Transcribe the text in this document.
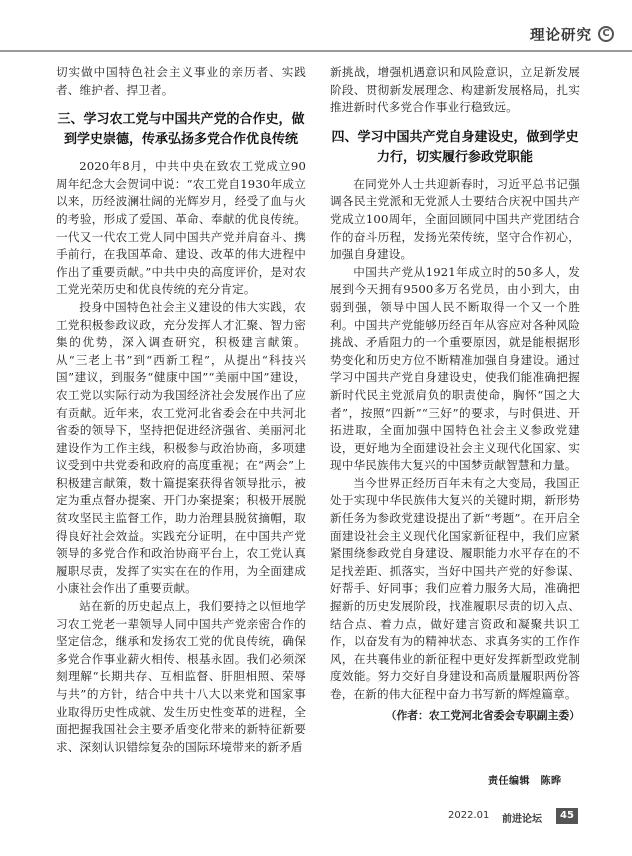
理论研究	C

切实做中国特色社会主义事业的亲历者、实践者、维护者、捍卫者。

三、学习农工党与中国共产党的合作史，做到学史崇德，传承弘扬多党合作优良传统

2020年8月，中共中央在致农工党成立90周年纪念大会贺词中说：“农工党自1930年成立以来，历经波澜壮阔的光辉岁月，经受了血与火的考验，形成了爱国、革命、奉献的优良传统。一代又一代农工党人同中国共产党并肩奋斗、携手前行，在我国革命、建设、改革的伟大进程中作出了重要贡献。”中共中央的高度评价，是对农工党光荣历史和优良传统的充分肯定。

投身中国特色社会主义建设的伟大实践，农工党积极参政议政，充分发挥人才汇聚、智力密集的优势，深入调查研究，积极建言献策。从“三老上书”到“西新工程”，从提出“科技兴国”建议，到服务“健康中国”“美丽中国”建设，农工党以实际行动为我国经济社会发展作出了应有贡献。近年来，农工党河北省委会在中共河北省委的领导下，坚持把促进经济强省、美丽河北建设作为工作主线，积极参与政治协商，多项建议受到中共党委和政府的高度重视；在“两会”上积极建言献策，数十篇提案获得省领导批示，被定为重点督办提案、开门办案提案；积极开展脱贫攻坚民主监督工作，助力治理县脱贫摘帽，取得良好社会效益。实践充分证明，在中国共产党领导的多党合作和政治协商平台上，农工党认真履职尽责，发挥了实实在在的作用，为全面建成小康社会作出了重要贡献。

站在新的历史起点上，我们要持之以恒地学习农工党老一辈领导人同中国共产党亲密合作的坚定信念，继承和发扬农工党的优良传统，确保多党合作事业薪火相传、根基永固。我们必须深刻理解“长期共存、互相监督、肝胆相照、荣辱与共”的方针，结合中共十八大以来党和国家事业取得历史性成就、发生历史性变革的进程，全面把握我国社会主要矛盾变化带来的新特征新要求、深刻认识错综复杂的国际环境带来的新矛盾

新挑战，增强机遇意识和风险意识，立足新发展阶段、贯彻新发展理念、构建新发展格局，扎实推进新时代多党合作事业行稳致远。

四、学习中国共产党自身建设史，做到学史力行，切实履行参政党职能

在同党外人士共迎新春时，习近平总书记强调各民主党派和无党派人士要结合庆祝中国共产党成立100周年，全面回顾同中国共产党团结合作的奋斗历程，发扬光荣传统，坚守合作初心，加强自身建设。

中国共产党从1921年成立时的50多人，发展到今天拥有9500多万名党员，由小到大，由弱到强，领导中国人民不断取得一个又一个胜利。中国共产党能够历经百年从容应对各种风险挑战、矛盾阻力的一个重要原因，就是能根据形势变化和历史方位不断精准加强自身建设。通过学习中国共产党自身建设史，使我们能准确把握新时代民主党派肩负的职责使命，胸怀“国之大者”，按照“四新”“三好”的要求，与时俱进、开拓进取，全面加强中国特色社会主义参政党建设，更好地为全面建设社会主义现代化国家、实现中华民族伟大复兴的中国梦贡献智慧和力量。

当今世界正经历百年未有之大变局，我国正处于实现中华民族伟大复兴的关键时期，新形势新任务为参政党建设提出了新“考题”。在开启全面建设社会主义现代化国家新征程中，我们应紧紧围绕参政党自身建设、履职能力水平存在的不足找差距、抓落实，当好中国共产党的好参谋、好帮手、好同事；我们应着力服务大局，准确把握新的历史发展阶段，找准履职尽责的切入点、结合点、着力点，做好建言资政和凝聚共识工作，以奋发有为的精神状态、求真务实的工作作风，在共襄伟业的新征程中更好发挥新型政党制度效能。努力交好自身建设和高质量履职两份答卷，在新的伟大征程中奋力书写新的辉煌篇章。

（作者：农工党河北省委会专职副主委）
责任编辑　陈晔
2022.01 前进论坛	45
